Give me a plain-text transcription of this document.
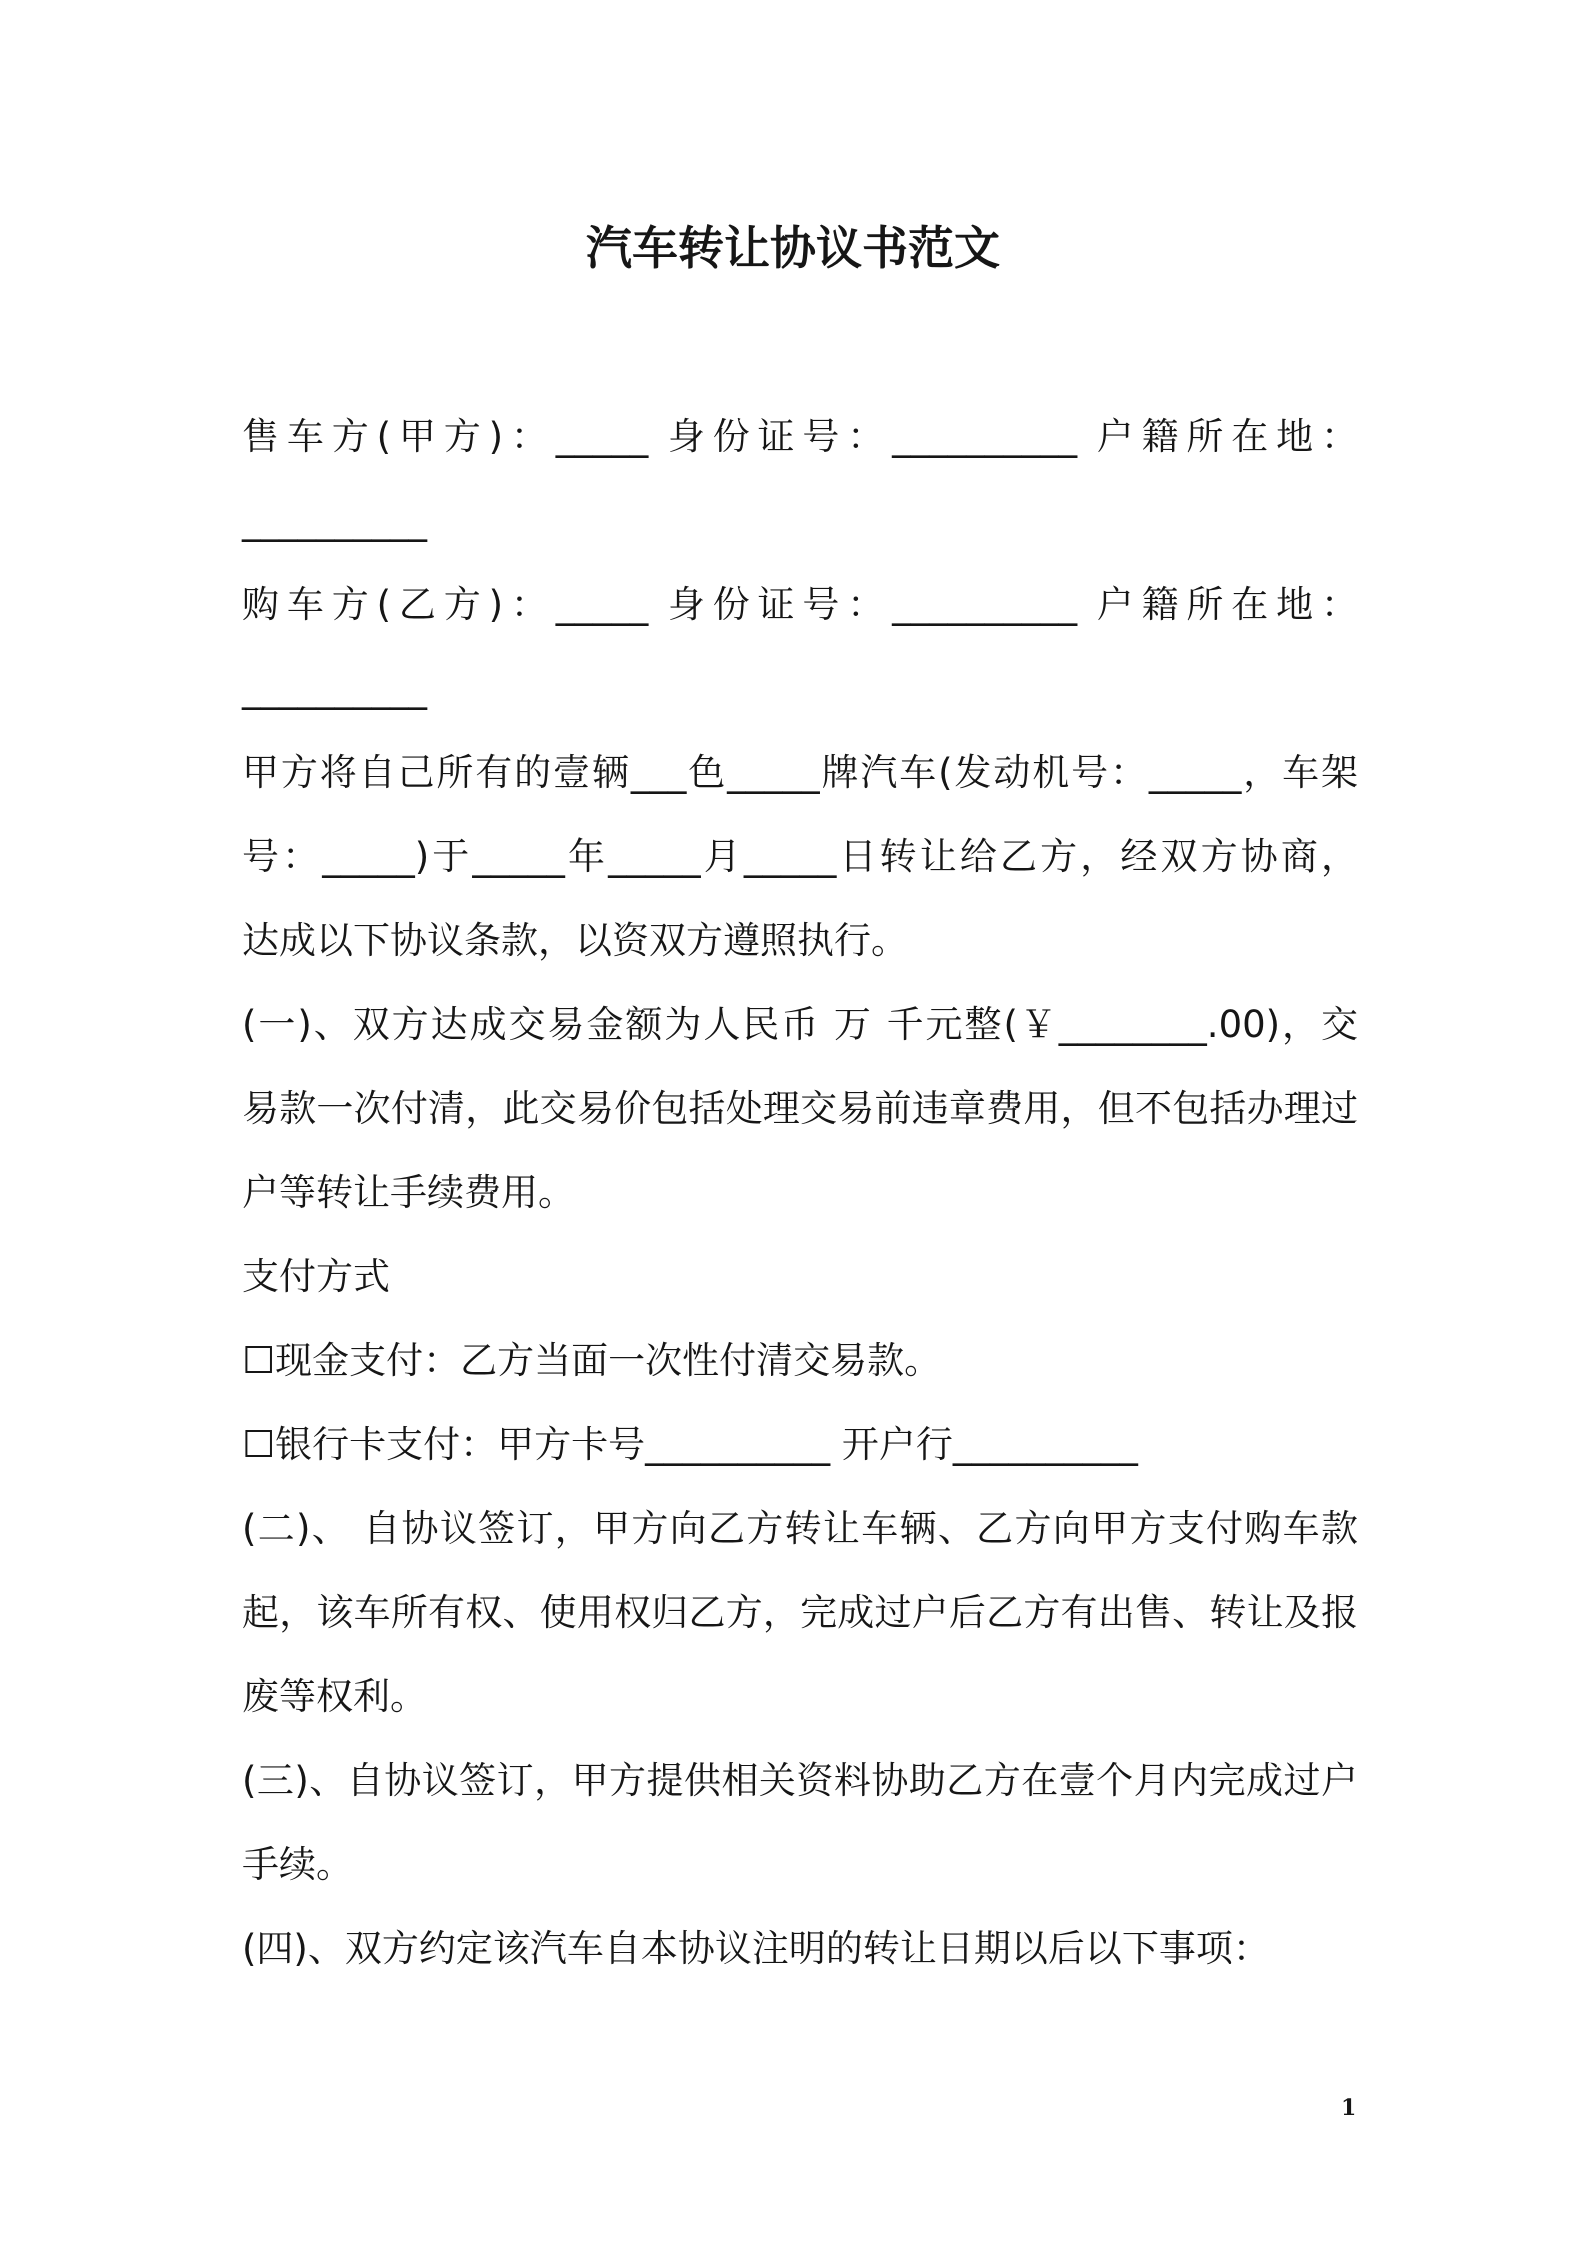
汽车转让协议书范文
售车方(甲方)：_____ 身份证号：__________ 户籍所在地：
__________
购车方(乙方)：_____ 身份证号：__________ 户籍所在地：
__________
甲方将自己所有的壹辆___色_____牌汽车(发动机号：_____，车架
号：_____)于_____年_____月_____日转让给乙方，经双方协商，
达成以下协议条款，以资双方遵照执行。
(一)、双方达成交易金额为人民币 万 千元整(￥________.00)，交
易款一次付清，此交易价包括处理交易前违章费用，但不包括办理过
户等转让手续费用。
支付方式
☐现金支付：乙方当面一次性付清交易款。
☐银行卡支付：甲方卡号__________ 开户行__________
(二)、 自协议签订，甲方向乙方转让车辆、乙方向甲方支付购车款
起，该车所有权、使用权归乙方，完成过户后乙方有出售、转让及报
废等权利。
(三)、自协议签订，甲方提供相关资料协助乙方在壹个月内完成过户
手续。
(四)、双方约定该汽车自本协议注明的转让日期以后以下事项：
1
